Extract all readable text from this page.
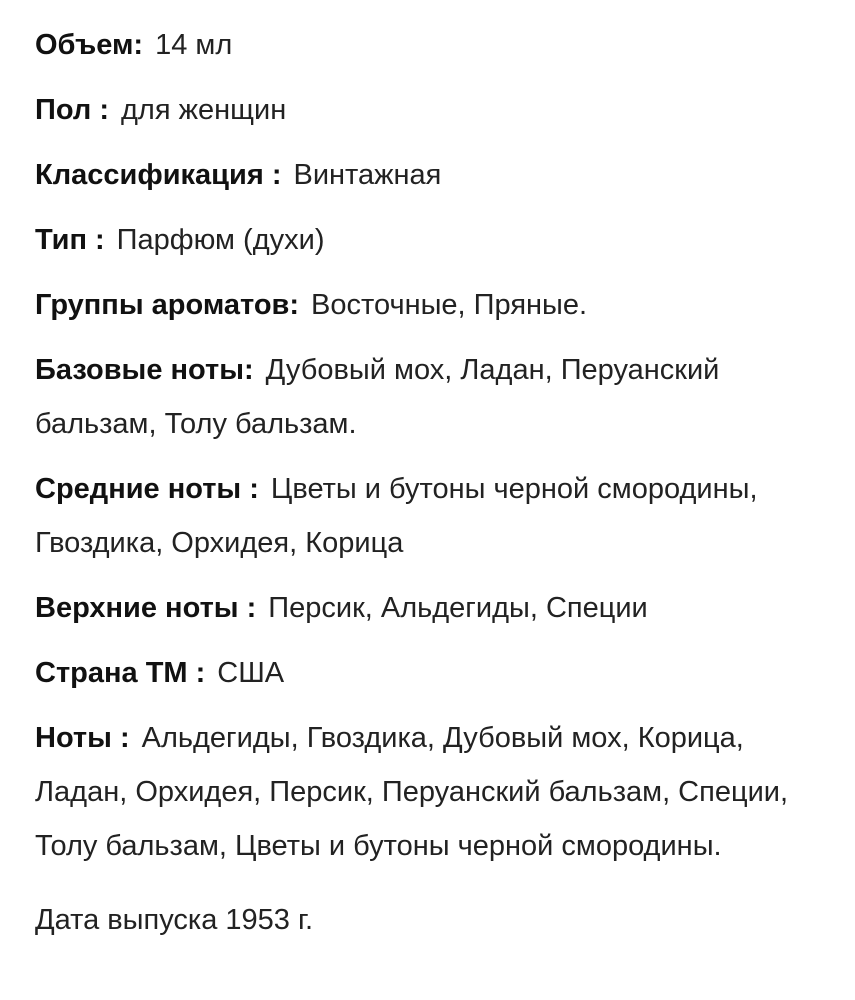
Объем: 14 мл
Пол : для женщин
Классификация : Винтажная
Тип : Парфюм (духи)
Группы ароматов: Восточные, Пряные.
Базовые ноты: Дубовый мох, Ладан, Перуанский бальзам, Толу бальзам.
Средние ноты : Цветы и бутоны черной смородины, Гвоздика, Орхидея, Корица
Верхние ноты : Персик, Альдегиды, Специи
Страна ТМ : США
Ноты : Альдегиды, Гвоздика, Дубовый мох, Корица, Ладан, Орхидея, Персик, Перуанский бальзам, Специи, Толу бальзам, Цветы и бутоны черной смородины.
Дата выпуска 1953 г.
